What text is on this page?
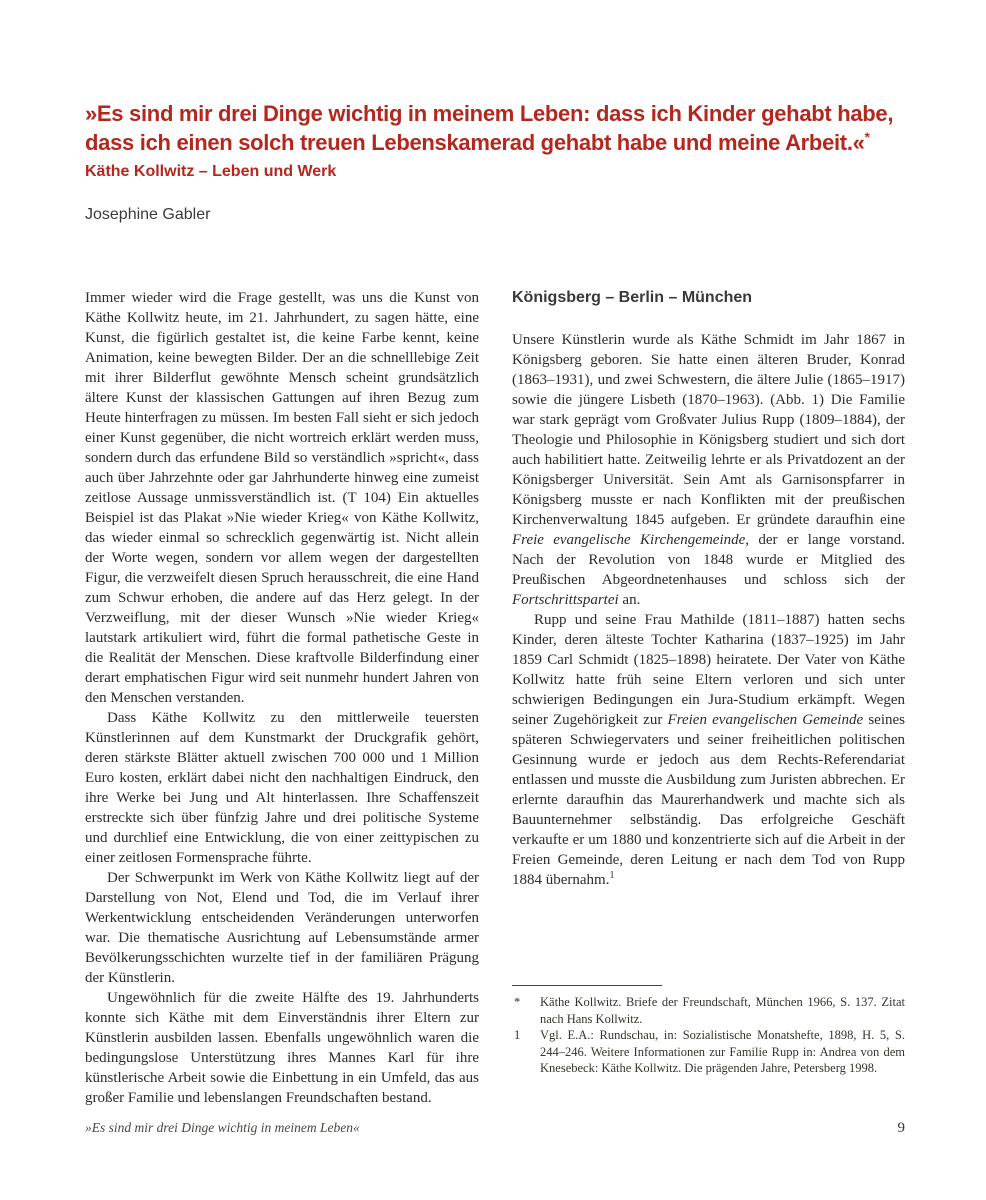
»Es sind mir drei Dinge wichtig in meinem Leben: dass ich Kinder gehabt habe,
dass ich einen solch treuen Lebenskamerad gehabt habe und meine Arbeit.«*
Käthe Kollwitz – Leben und Werk
Josephine Gabler

Immer wieder wird die Frage gestellt, was uns die Kunst von Käthe Kollwitz heute, im 21. Jahrhundert, zu sagen hätte, eine Kunst, die figürlich gestaltet ist, die keine Farbe kennt, keine Animation, keine bewegten Bilder. Der an die schnelllebige Zeit mit ihrer Bilderflut gewöhnte Mensch scheint grundsätzlich ältere Kunst der klassischen Gattungen auf ihren Bezug zum Heute hinterfragen zu müssen. Im besten Fall sieht er sich jedoch einer Kunst gegenüber, die nicht wortreich erklärt werden muss, sondern durch das erfundene Bild so verständlich »spricht«, dass auch über Jahrzehnte oder gar Jahrhunderte hinweg eine zumeist zeitlose Aussage unmissverständlich ist. (T 104) Ein aktuelles Beispiel ist das Plakat »Nie wieder Krieg« von Käthe Kollwitz, das wieder einmal so schrecklich gegenwärtig ist. Nicht allein der Worte wegen, sondern vor allem wegen der dargestellten Figur, die verzweifelt diesen Spruch herausschreit, die eine Hand zum Schwur erhoben, die andere auf das Herz gelegt. In der Verzweiflung, mit der dieser Wunsch »Nie wieder Krieg« lautstark artikuliert wird, führt die formal pathetische Geste in die Realität der Menschen. Diese kraftvolle Bilderfindung einer derart emphatischen Figur wird seit nunmehr hundert Jahren von den Menschen verstanden.

Dass Käthe Kollwitz zu den mittlerweile teuersten Künstlerinnen auf dem Kunstmarkt der Druckgrafik gehört, deren stärkste Blätter aktuell zwischen 700 000 und 1 Million Euro kosten, erklärt dabei nicht den nachhaltigen Eindruck, den ihre Werke bei Jung und Alt hinterlassen. Ihre Schaffenszeit erstreckte sich über fünfzig Jahre und drei politische Systeme und durchlief eine Entwicklung, die von einer zeittypischen zu einer zeitlosen Formensprache führte.

Der Schwerpunkt im Werk von Käthe Kollwitz liegt auf der Darstellung von Not, Elend und Tod, die im Verlauf ihrer Werkentwicklung entscheidenden Veränderungen unterworfen war. Die thematische Ausrichtung auf Lebensumstände armer Bevölkerungsschichten wurzelte tief in der familiären Prägung der Künstlerin.

Ungewöhnlich für die zweite Hälfte des 19. Jahrhunderts konnte sich Käthe mit dem Einverständnis ihrer Eltern zur Künstlerin ausbilden lassen. Ebenfalls ungewöhnlich waren die bedingungslose Unterstützung ihres Mannes Karl für ihre künstlerische Arbeit sowie die Einbettung in ein Umfeld, das aus großer Familie und lebenslangen Freundschaften bestand.

Königsberg – Berlin – München

Unsere Künstlerin wurde als Käthe Schmidt im Jahr 1867 in Königsberg geboren. Sie hatte einen älteren Bruder, Konrad (1863–1931), und zwei Schwestern, die ältere Julie (1865–1917) sowie die jüngere Lisbeth (1870–1963). (Abb. 1) Die Familie war stark geprägt vom Großvater Julius Rupp (1809–1884), der Theologie und Philosophie in Königsberg studiert und sich dort auch habilitiert hatte. Zeitweilig lehrte er als Privatdozent an der Königsberger Universität. Sein Amt als Garnisonspfarrer in Königsberg musste er nach Konflikten mit der preußischen Kirchenverwaltung 1845 aufgeben. Er gründete daraufhin eine Freie evangelische Kirchengemeinde, der er lange vorstand. Nach der Revolution von 1848 wurde er Mitglied des Preußischen Abgeordnetenhauses und schloss sich der Fortschrittspartei an.

Rupp und seine Frau Mathilde (1811–1887) hatten sechs Kinder, deren älteste Tochter Katharina (1837–1925) im Jahr 1859 Carl Schmidt (1825–1898) heiratete. Der Vater von Käthe Kollwitz hatte früh seine Eltern verloren und sich unter schwierigen Bedingungen ein Jura-Studium erkämpft. Wegen seiner Zugehörigkeit zur Freien evangelischen Gemeinde seines späteren Schwiegervaters und seiner freiheitlichen politischen Gesinnung wurde er jedoch aus dem Rechts-Referendariat entlassen und musste die Ausbildung zum Juristen abbrechen. Er erlernte daraufhin das Maurerhandwerk und machte sich als Bauunternehmer selbständig. Das erfolgreiche Geschäft verkaufte er um 1880 und konzentrierte sich auf die Arbeit in der Freien Gemeinde, deren Leitung er nach dem Tod von Rupp 1884 übernahm.$^1$

* Käthe Kollwitz. Briefe der Freundschaft, München 1966, S. 137. Zitat nach Hans Kollwitz.
1 Vgl. E.A.: Rundschau, in: Sozialistische Monatshefte, 1898, H. 5, S. 244–246. Weitere Informationen zur Familie Rupp in: Andrea von dem Knesebeck: Käthe Kollwitz. Die prägenden Jahre, Petersberg 1998.
»Es sind mir drei Dinge wichtig in meinem Leben«	9
